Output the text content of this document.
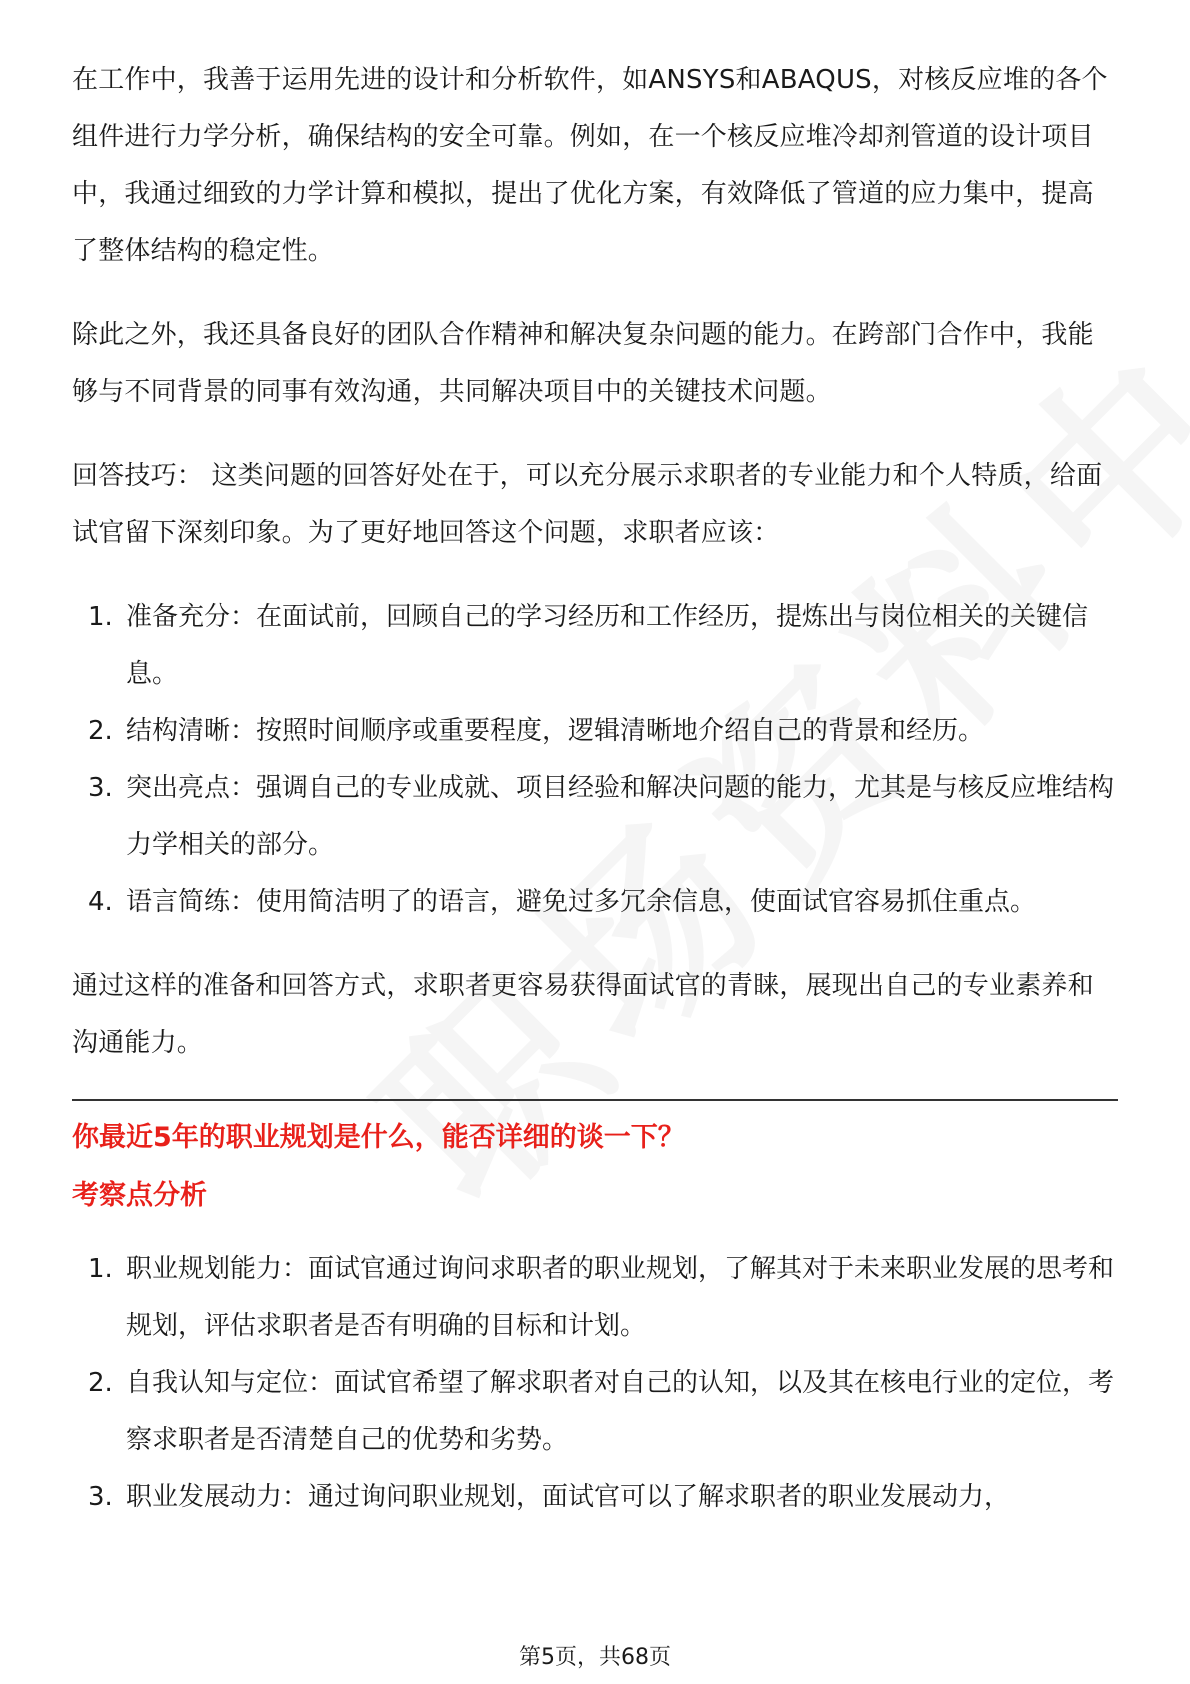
在工作中，我善于运用先进的设计和分析软件，如ANSYS和ABAQUS，对核反应堆的各个组件进行力学分析，确保结构的安全可靠。例如，在一个核反应堆冷却剂管道的设计项目中，我通过细致的力学计算和模拟，提出了优化方案，有效降低了管道的应力集中，提高了整体结构的稳定性。

除此之外，我还具备良好的团队合作精神和解决复杂问题的能力。在跨部门合作中，我能够与不同背景的同事有效沟通，共同解决项目中的关键技术问题。

回答技巧： 这类问题的回答好处在于，可以充分展示求职者的专业能力和个人特质，给面试官留下深刻印象。为了更好地回答这个问题，求职者应该：

1. 准备充分：在面试前，回顾自己的学习经历和工作经历，提炼出与岗位相关的关键信息。
2. 结构清晰：按照时间顺序或重要程度，逻辑清晰地介绍自己的背景和经历。
3. 突出亮点：强调自己的专业成就、项目经验和解决问题的能力，尤其是与核反应堆结构力学相关的部分。
4. 语言简练：使用简洁明了的语言，避免过多冗余信息，使面试官容易抓住重点。

通过这样的准备和回答方式，求职者更容易获得面试官的青睐，展现出自己的专业素养和沟通能力。

你最近5年的职业规划是什么，能否详细的谈一下？

考察点分析

1. 职业规划能力：面试官通过询问求职者的职业规划，了解其对于未来职业发展的思考和规划，评估求职者是否有明确的目标和计划。
2. 自我认知与定位：面试官希望了解求职者对自己的认知，以及其在核电行业的定位，考察求职者是否清楚自己的优势和劣势。
3. 职业发展动力：通过询问职业规划，面试官可以了解求职者的职业发展动力，
第5页，共68页
